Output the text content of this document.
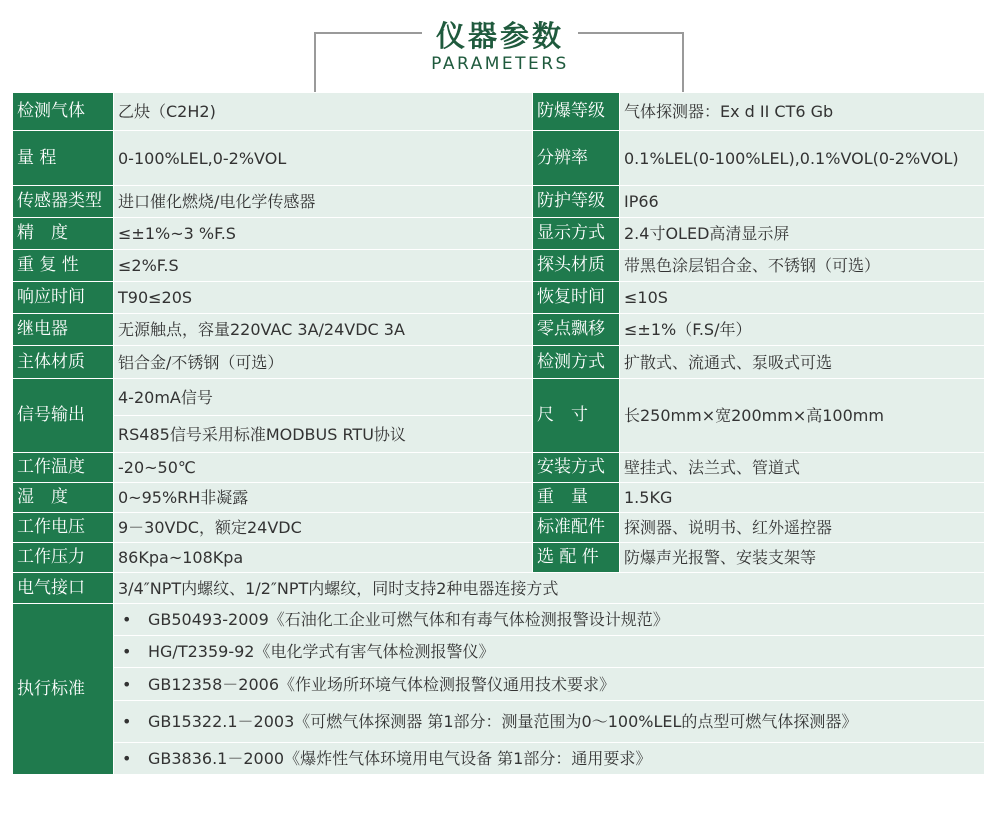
仪器参数
PARAMETERS
检测气体	乙炔（C2H2)	防爆等级	气体探测器：Ex d II CT6 Gb
量 程	0-100%LEL,0-2%VOL	分辨率	0.1%LEL(0-100%LEL),0.1%VOL(0-2%VOL)
传感器类型	进口催化燃烧/电化学传感器	防护等级	IP66
精　度	≤±1%~3 %F.S	显示方式	2.4寸OLED高清显示屏
重 复 性	≤2%F.S	探头材质	带黑色涂层铝合金、不锈钢（可选）
响应时间	T90≤20S	恢复时间	≤10S
继电器	无源触点，容量220VAC 3A/24VDC 3A	零点飘移	≤±1%（F.S/年）
主体材质	铝合金/不锈钢（可选）	检测方式	扩散式、流通式、泵吸式可选
信号输出	4-20mA信号	尺　寸	长250mm×宽200mm×高100mm
	RS485信号采用标准MODBUS RTU协议		
工作温度	-20~50℃	安装方式	壁挂式、法兰式、管道式
湿　度	0~95%RH非凝露	重　量	1.5KG
工作电压	9－30VDC，额定24VDC	标准配件	探测器、说明书、红外遥控器
工作压力	86Kpa~108Kpa	选 配 件	防爆声光报警、安装支架等
电气接口	3/4″NPT内螺纹、1/2″NPT内螺纹，同时支持2种电器连接方式		
执行标准	• GB50493-2009《石油化工企业可燃气体和有毒气体检测报警设计规范》		
	• HG/T2359-92《电化学式有害气体检测报警仪》		
	• GB12358－2006《作业场所环境气体检测报警仪通用技术要求》		
	• GB15322.1－2003《可燃气体探测器 第1部分：测量范围为0～100%LEL的点型可燃气体探测器》		
	• GB3836.1－2000《爆炸性气体环境用电气设备 第1部分：通用要求》		
